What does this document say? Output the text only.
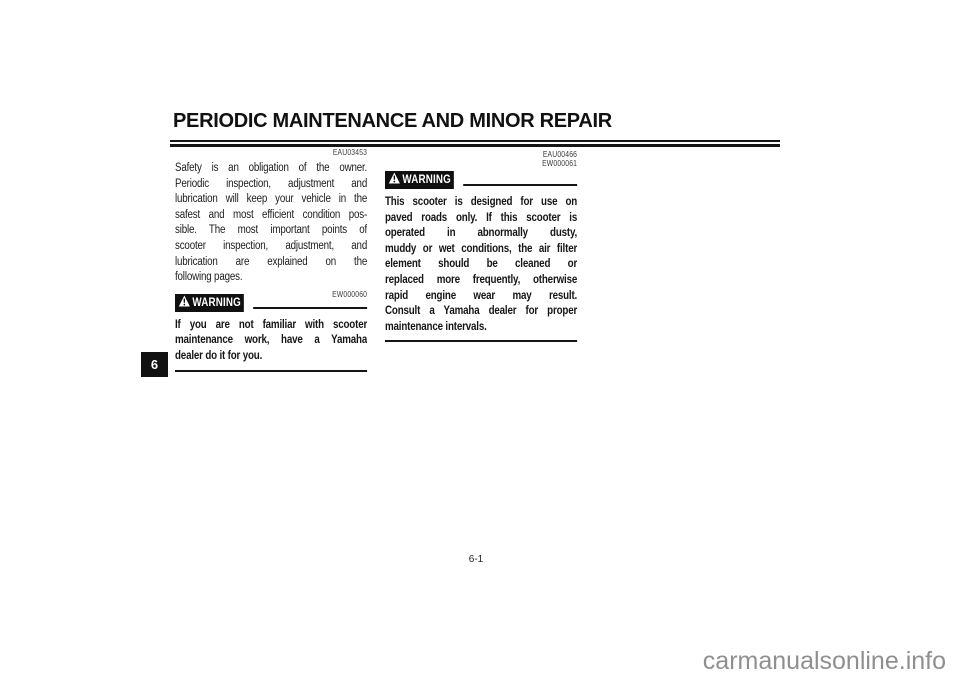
PERIODIC MAINTENANCE AND MINOR REPAIR
EAU03453
Safety is an obligation of the owner.
Periodic inspection, adjustment and
lubrication will keep your vehicle in the
safest and most efficient condition pos-
sible. The most important points of
scooter inspection, adjustment, and
lubrication are explained on the
following pages.
WARNING
EW000060
If you are not familiar with scooter
maintenance work, have a Yamaha
dealer do it for you.
EAU00466
EW000061
WARNING
This scooter is designed for use on
paved roads only. If this scooter is
operated in abnormally dusty,
muddy or wet conditions, the air filter
element should be cleaned or
replaced more frequently, otherwise
rapid engine wear may result.
Consult a Yamaha dealer for proper
maintenance intervals.
6
6-1
carmanualsonline.info
